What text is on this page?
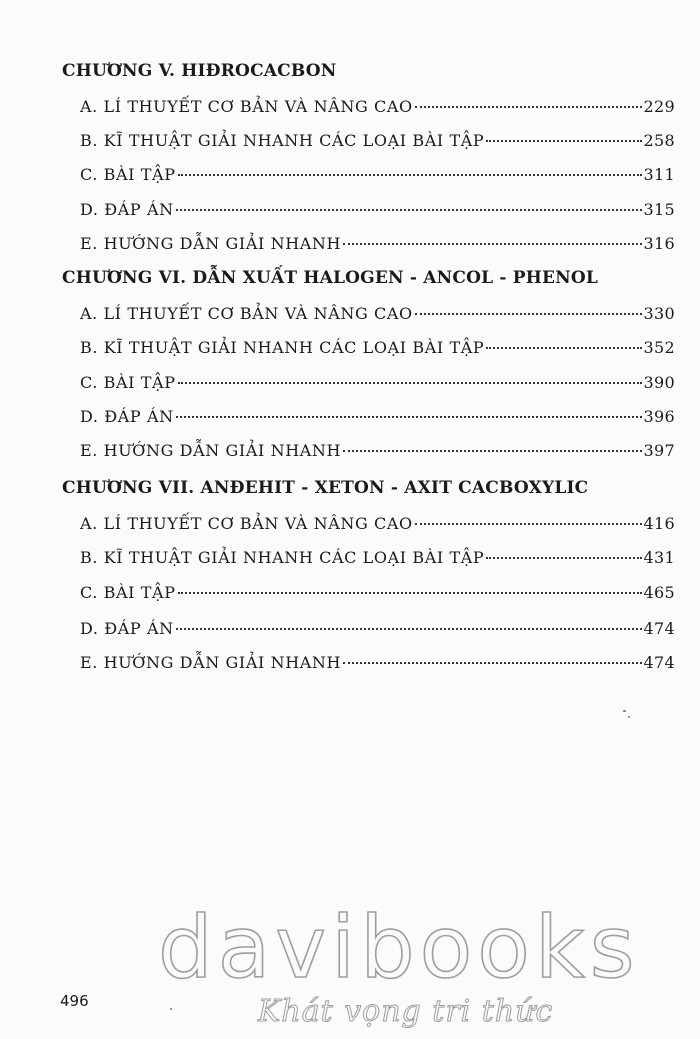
CHƯƠNG V. HIĐROCACBON
A. LÍ THUYẾT CƠ BẢN VÀ NÂNG CAO	229
B. KĨ THUẬT GIẢI NHANH CÁC LOẠI BÀI TẬP	258
C. BÀI TẬP	311
D. ĐÁP ÁN	315
E. HƯỚNG DẪN GIẢI NHANH	316
CHƯƠNG VI. DẪN XUẤT HALOGEN - ANCOL - PHENOL
A. LÍ THUYẾT CƠ BẢN VÀ NÂNG CAO	330
B. KĨ THUẬT GIẢI NHANH CÁC LOẠI BÀI TẬP	352
C. BÀI TẬP	390
D. ĐÁP ÁN	396
E. HƯỚNG DẪN GIẢI NHANH	397
CHƯƠNG VII. ANĐEHIT - XETON - AXIT CACBOXYLIC
A. LÍ THUYẾT CƠ BẢN VÀ NÂNG CAO	416
B. KĨ THUẬT GIẢI NHANH CÁC LOẠI BÀI TẬP	431
C. BÀI TẬP	465
D. ĐÁP ÁN	474
E. HƯỚNG DẪN GIẢI NHANH	474
davibooks
Khát vọng tri thức
496
